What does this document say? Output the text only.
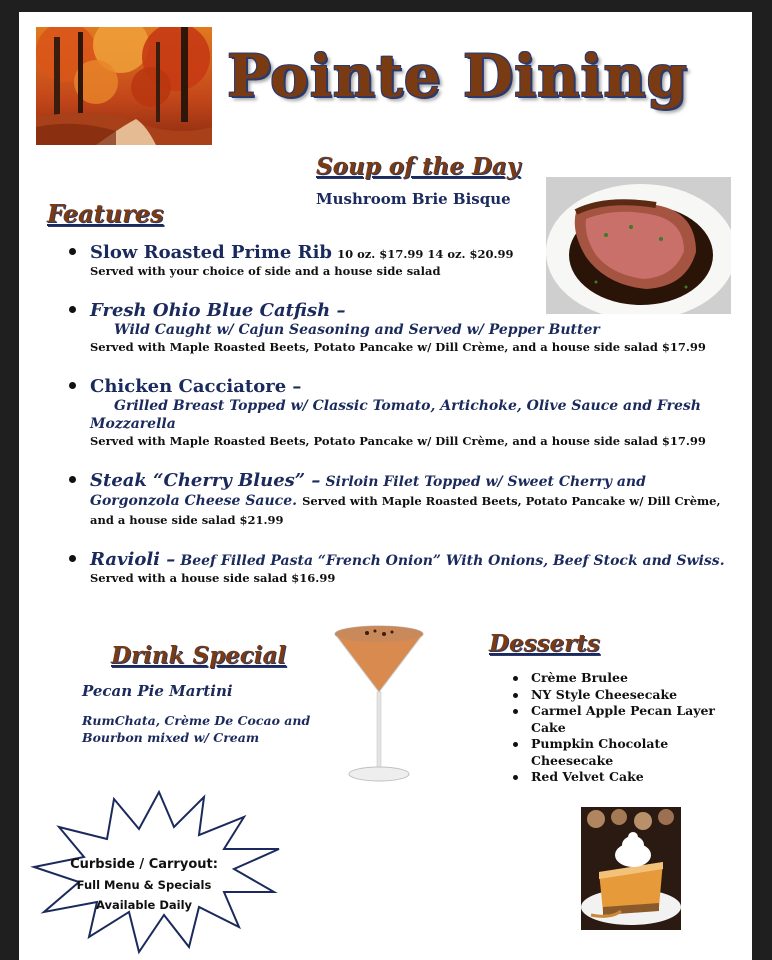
Pointe Dining
Soup of the Day

Mushroom Brie Bisque

Features
Slow Roasted Prime Rib 10 oz. $17.99 14 oz. $20.99
Served with your choice of side and a house side salad
Fresh Ohio Blue Catfish –
Wild Caught w/ Cajun Seasoning and Served w/ Pepper Butter
Served with Maple Roasted Beets, Potato Pancake w/ Dill Crème, and a house side salad $17.99
Chicken Cacciatore –
Grilled Breast Topped w/ Classic Tomato, Artichoke, Olive Sauce and Fresh
Mozzarella
Served with Maple Roasted Beets, Potato Pancake w/ Dill Crème, and a house side salad $17.99
Steak “Cherry Blues” – Sirloin Filet Topped w/ Sweet Cherry and
Gorgonzola Cheese Sauce. Served with Maple Roasted Beets, Potato Pancake w/ Dill Crème, and a house side salad $21.99
Ravioli – Beef Filled Pasta “French Onion” With Onions, Beef Stock and Swiss.
Served with a house side salad $16.99
Drink Special

Pecan Pie Martini

RumChata, Crème De Cocao and Bourbon mixed w/ Cream

Desserts
Crème Brulee
NY Style Cheesecake
Carmel Apple Pecan Layer Cake
Pumpkin Chocolate Cheesecake
Red Velvet Cake
Curbside / Carryout:
Full Menu & Specials
Available Daily
